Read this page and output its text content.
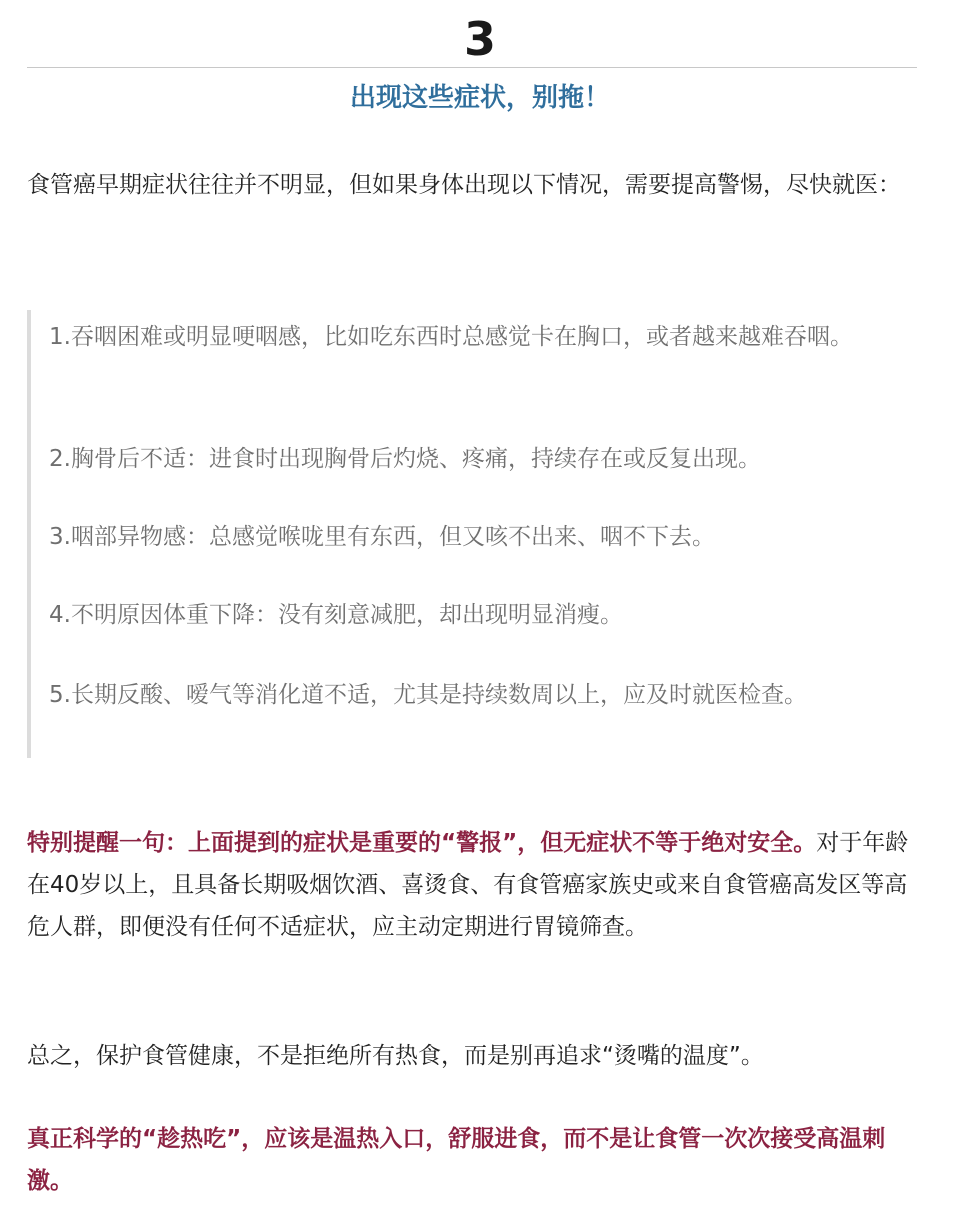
3
出现这些症状，别拖！

食管癌早期症状往往并不明显，但如果身体出现以下情况，需要提高警惕，尽快就医：

1.吞咽困难或明显哽咽感，比如吃东西时总感觉卡在胸口，或者越来越难吞咽。

2.胸骨后不适：进食时出现胸骨后灼烧、疼痛，持续存在或反复出现。

3.咽部异物感：总感觉喉咙里有东西，但又咳不出来、咽不下去。

4.不明原因体重下降：没有刻意减肥，却出现明显消瘦。

5.长期反酸、嗳气等消化道不适，尤其是持续数周以上，应及时就医检查。

特别提醒一句：上面提到的症状是重要的“警报”，但无症状不等于绝对安全。对于年龄在40岁以上，且具备长期吸烟饮酒、喜烫食、有食管癌家族史或来自食管癌高发区等高危人群，即便没有任何不适症状，应主动定期进行胃镜筛查。

总之，保护食管健康，不是拒绝所有热食，而是别再追求“烫嘴的温度”。

真正科学的“趁热吃”，应该是温热入口，舒服进食，而不是让食管一次次接受高温刺激。
